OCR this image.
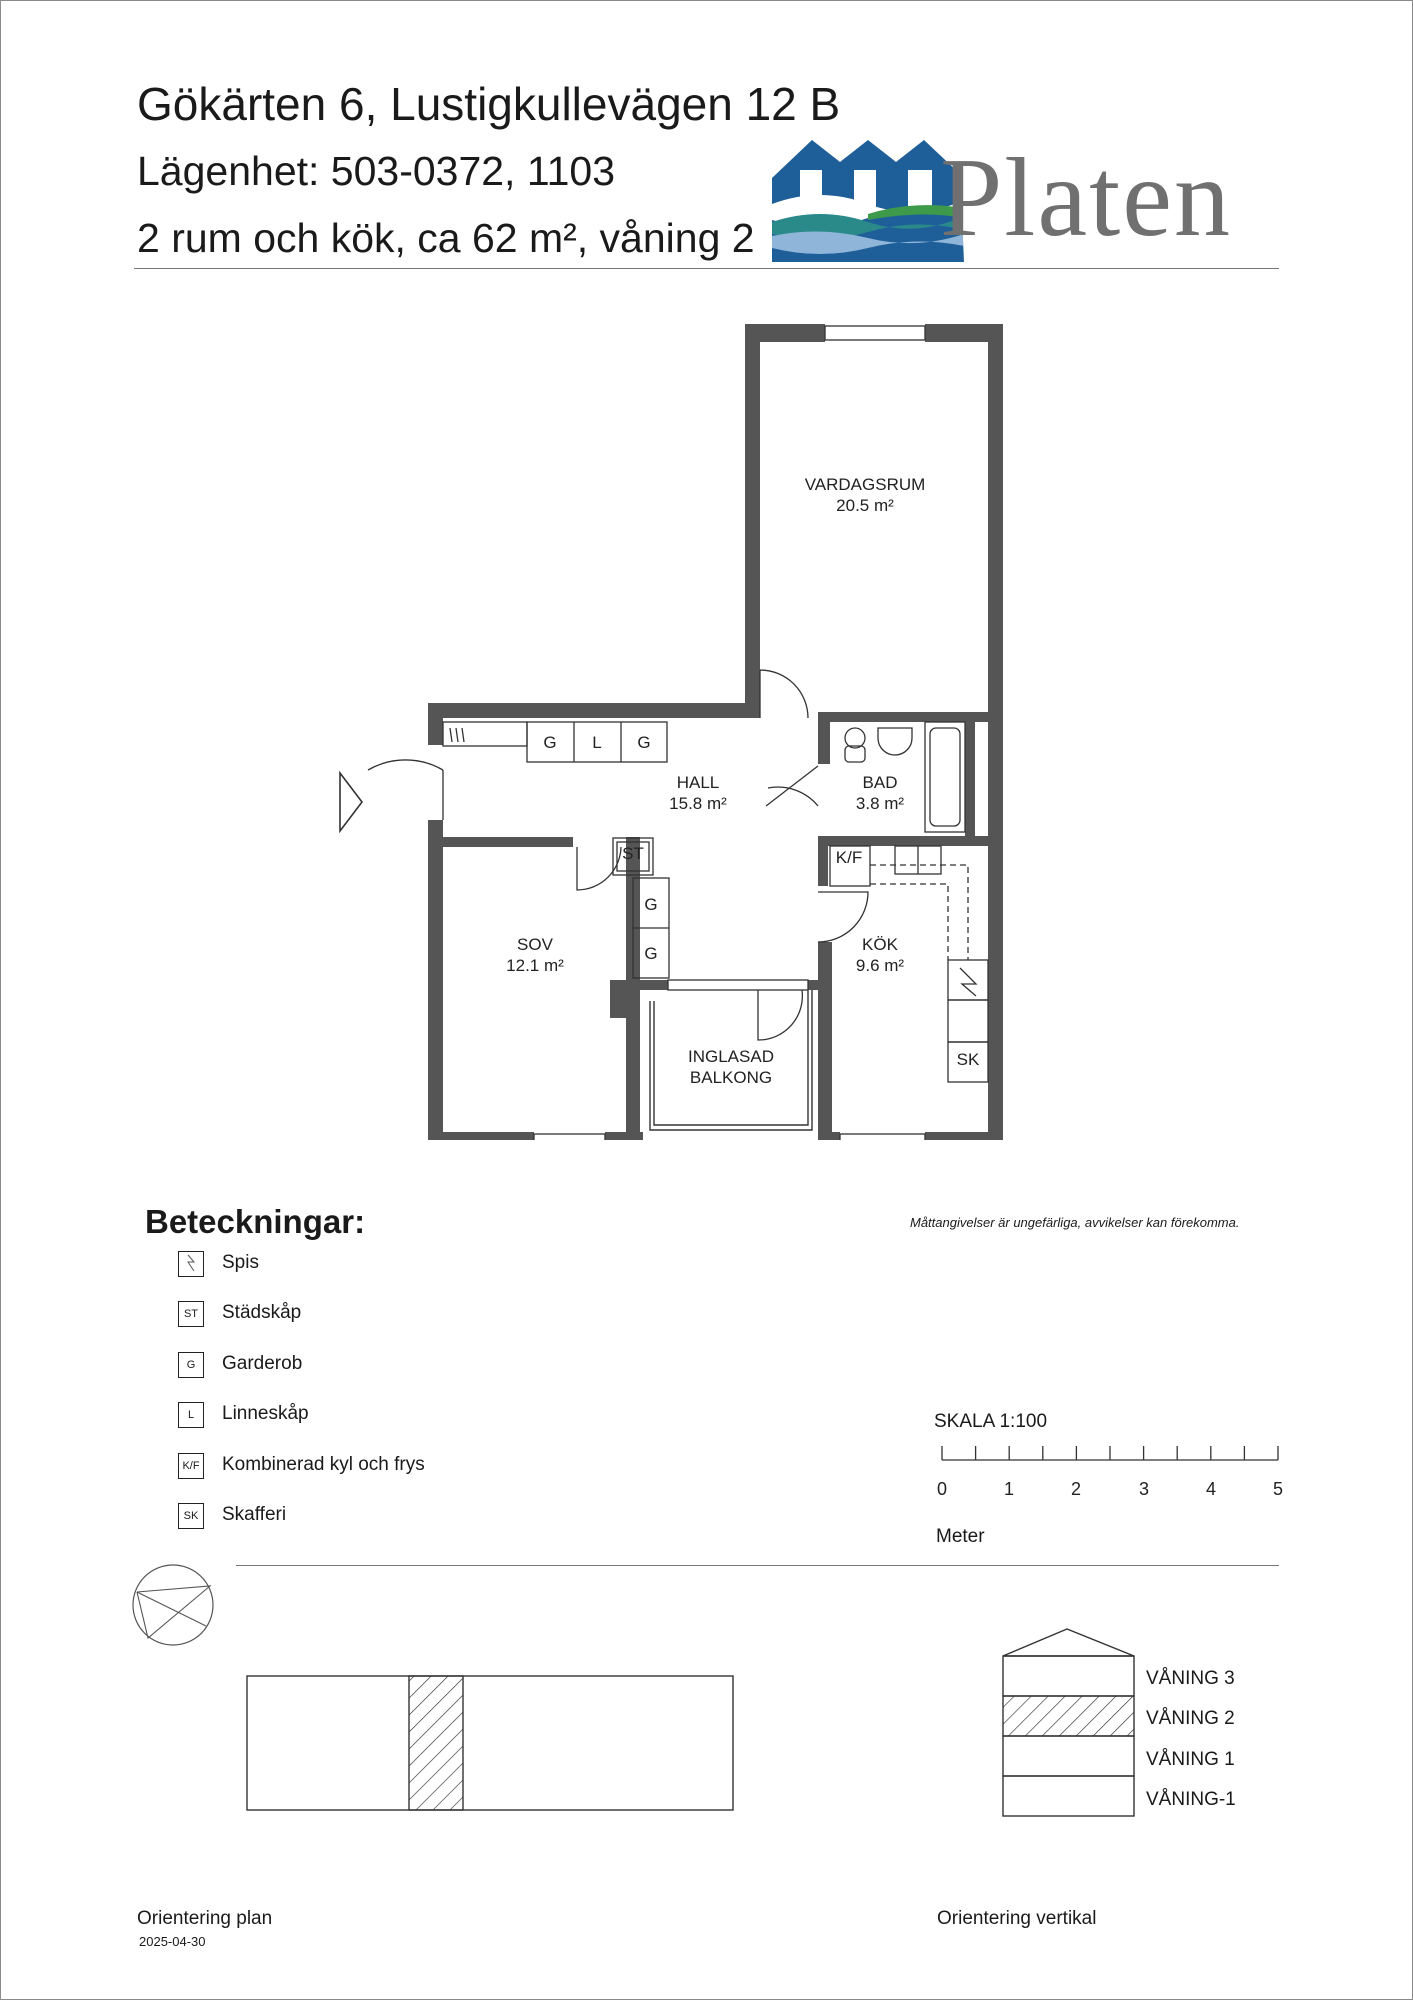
Gökärten 6, Lustigkullevägen 12 B
Lägenhet: 503-0372, 1103
2 rum och kök, ca 62 m², våning 2 Platen
G L G
ST
G
G
K/F
SK
VARDAGSRUM
20.5 m²
HALL
15.8 m²
BAD
3.8 m²
SOV
12.1 m²
KÖK
9.6 m²
INGLASAD
BALKONG
Beteckningar:
Spis
ST	Städskåp
G	Garderob
L	Linneskåp
K/F Kombinerad kyl och frys
SK Skafferi
Måttangivelser är ungefärliga, avvikelser kan förekomma.
SKALA 1:100
0	1	2	3	4	5
Meter
VÅNING 3
VÅNING 2
VÅNING 1
VÅNING-1
Orientering plan
2025-04-30
Orientering vertikal
